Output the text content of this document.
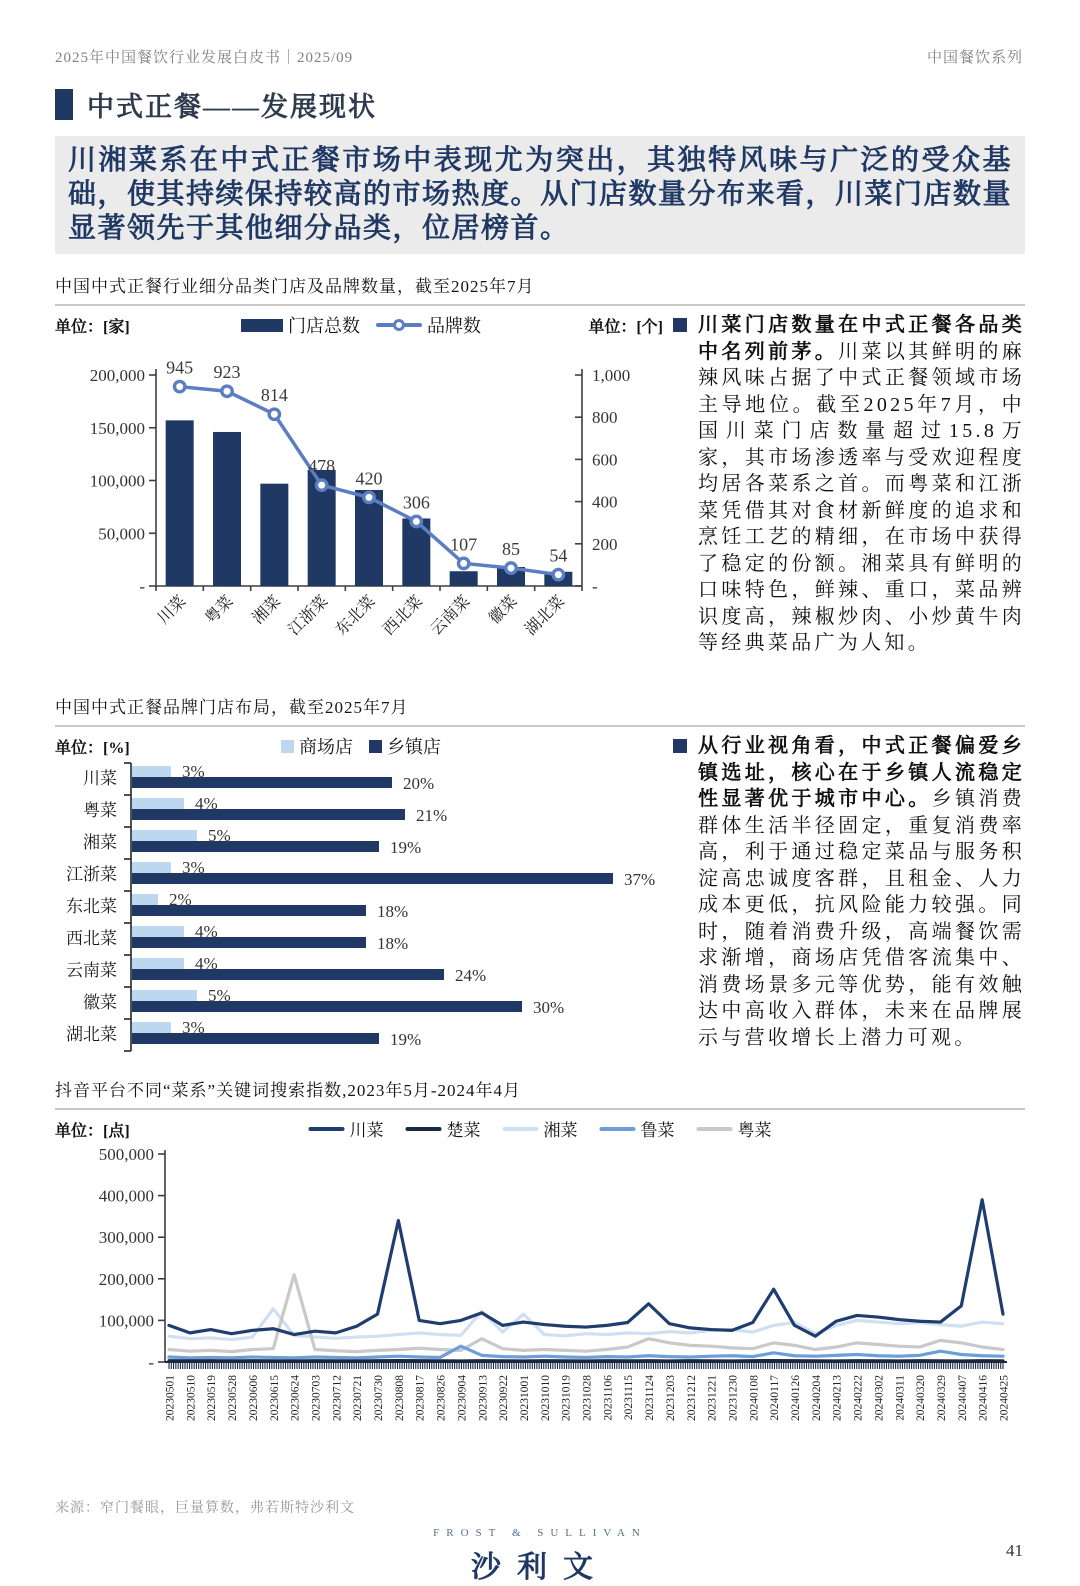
2025年中国餐饮行业发展白皮书｜2025/09	中国餐饮系列
中式正餐——发展现状
川湘菜系在中式正餐市场中表现尤为突出，其独特风味与广泛的受众基础，使其持续保持较高的市场热度。从门店数量分布来看，川菜门店数量显著领先于其他细分品类，位居榜首。
中国中式正餐行业细分品类门店及品牌数量，截至2025年7月
单位：[家]	门店总数	品牌数	单位：[个]
200,000
150,000
100,000
50,000
-
1,000
800
600
400
200
-
川菜 粤菜 湘菜 江浙菜 东北菜 西北菜 云南菜 徽菜 湖北菜
945 923
814
478
420
306
107 85 54
川菜门店数量在中式正餐各品类中名列前茅。川菜以其鲜明的麻辣风味占据了中式正餐领域市场主导地位。截至2025年7月，中国川菜门店数量超过15.8万家，其市场渗透率与受欢迎程度均居各菜系之首。而粤菜和江浙菜凭借其对食材新鲜度的追求和烹饪工艺的精细，在市场中获得了稳定的份额。湘菜具有鲜明的口味特色，鲜辣、重口，菜品辨识度高，辣椒炒肉、小炒黄牛肉等经典菜品广为人知。
中国中式正餐品牌门店布局，截至2025年7月
单位：[%]	商场店 乡镇店
川菜	3%
20%
粤菜	4%
21%
湘菜	5%
19%
江浙菜	3%
37%
东北菜	2%
18%
西北菜	4%
18%
云南菜	4%
24%
徽菜	5%
30%
湖北菜	3%
19%
从行业视角看，中式正餐偏爱乡镇选址，核心在于乡镇人流稳定性显著优于城市中心。乡镇消费群体生活半径固定，重复消费率高，利于通过稳定菜品与服务积淀高忠诚度客群，且租金、人力成本更低，抗风险能力较强。同时，随着消费升级，高端餐饮需求渐增，商场店凭借客流集中、消费场景多元等优势，能有效触达中高收入群体，未来在品牌展示与营收增长上潜力可观。
抖音平台不同“菜系”关键词搜索指数,2023年5月-2024年4月
单位：[点]	川菜	楚菜	湘菜	鲁菜	粤菜
500,000
400,000
300,000
200,000
100,000
-
20230501 20230510 20230519 20230528 20230606 20230615 20230624 20230703 20230712 20230721 20230730 20230808 20230817 20230826 20230904 20230913 20230922 20231001 20231010 20231019 20231028 20231106 20231115 20231124 20231203 20231212 20231221 20231230 20240108 20240117 20240126 20240204 20240213 20240222 20240302 20240311 20240320 20240329 20240407 20240416 20240425
来源：窄门餐眼，巨量算数，弗若斯特沙利文
FROST & SULLIVAN
沙利文
41
